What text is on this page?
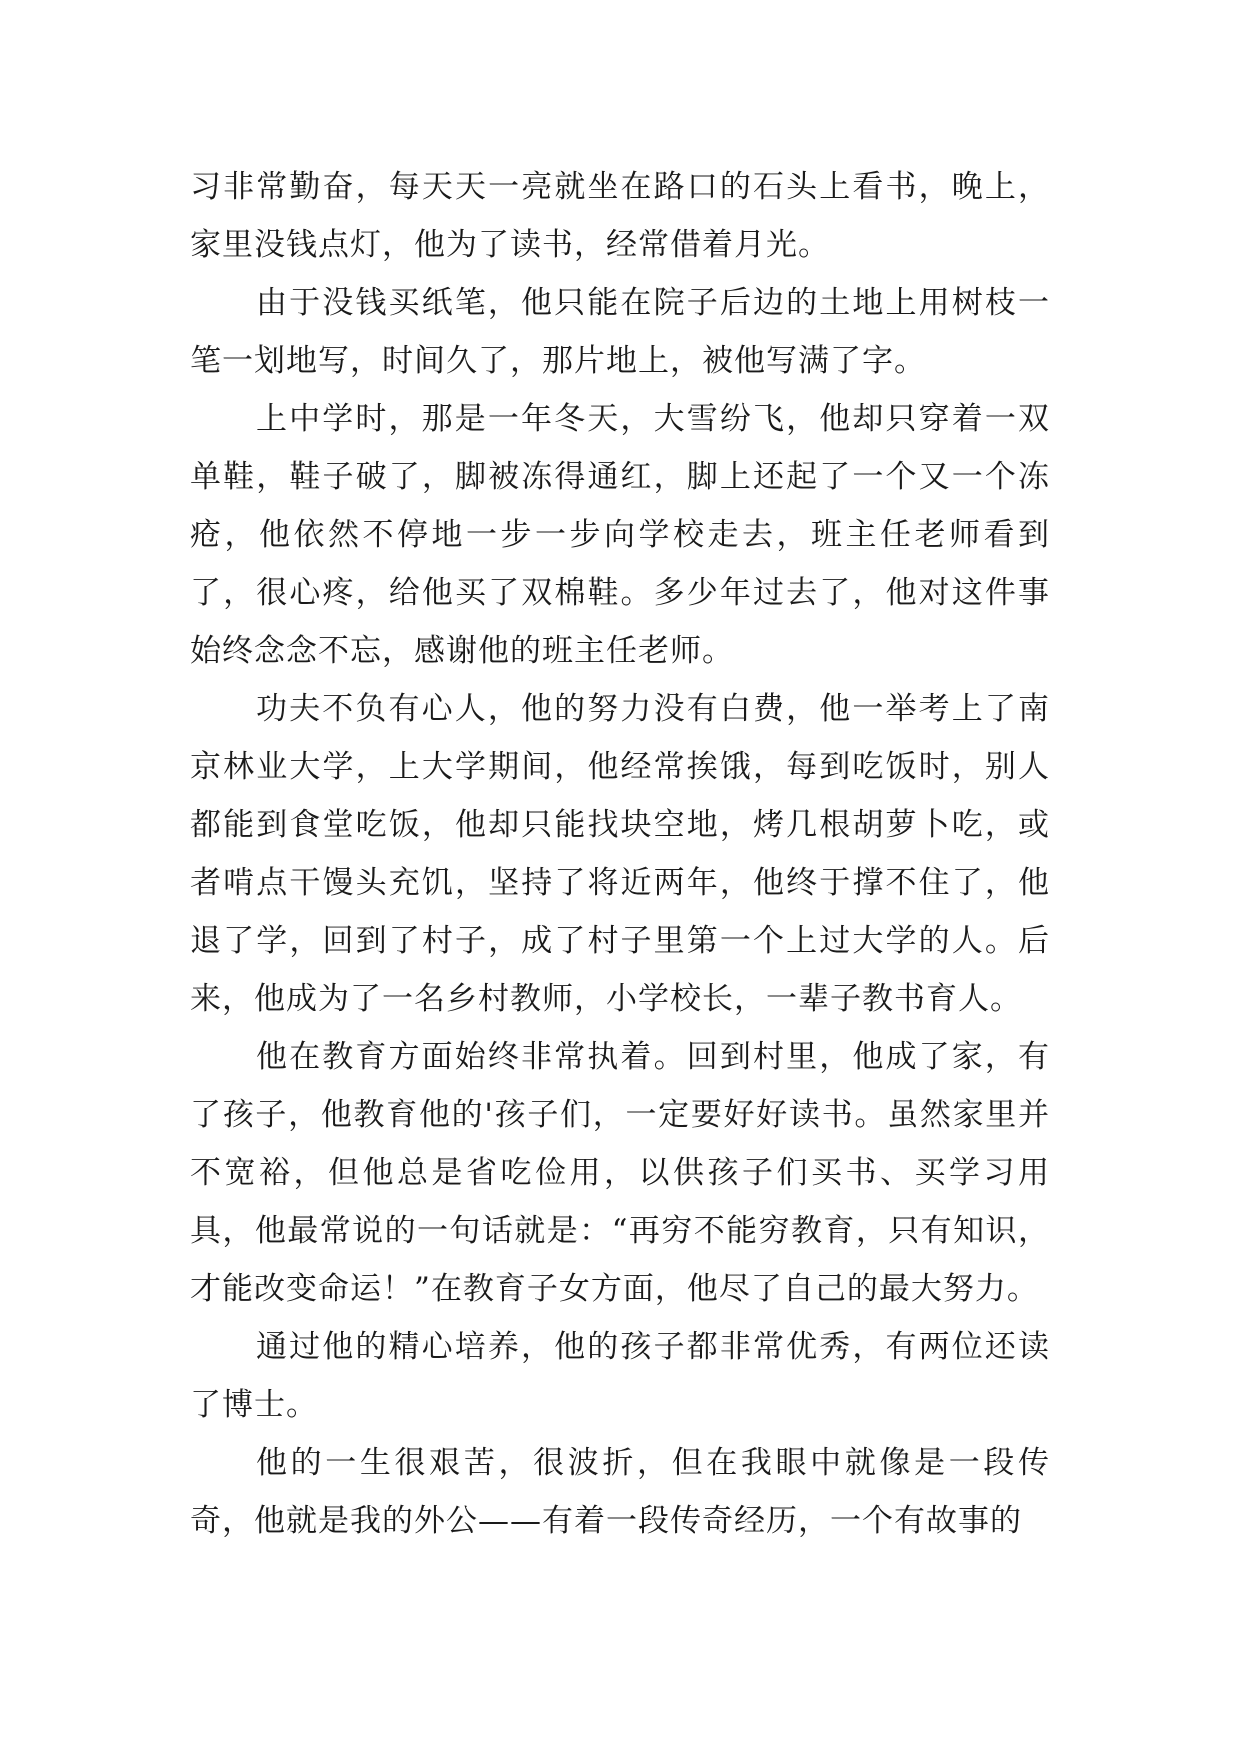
习非常勤奋，每天天一亮就坐在路口的石头上看书，晚上，家里没钱点灯，他为了读书，经常借着月光。

由于没钱买纸笔，他只能在院子后边的土地上用树枝一笔一划地写，时间久了，那片地上，被他写满了字。

上中学时，那是一年冬天，大雪纷飞，他却只穿着一双单鞋，鞋子破了，脚被冻得通红，脚上还起了一个又一个冻疮，他依然不停地一步一步向学校走去，班主任老师看到了，很心疼，给他买了双棉鞋。多少年过去了，他对这件事始终念念不忘，感谢他的班主任老师。

功夫不负有心人，他的努力没有白费，他一举考上了南京林业大学，上大学期间，他经常挨饿，每到吃饭时，别人都能到食堂吃饭，他却只能找块空地，烤几根胡萝卜吃，或者啃点干馒头充饥，坚持了将近两年，他终于撑不住了，他退了学，回到了村子，成了村子里第一个上过大学的人。后来，他成为了一名乡村教师，小学校长，一辈子教书育人。

他在教育方面始终非常执着。回到村里，他成了家，有了孩子，他教育他的'孩子们，一定要好好读书。虽然家里并不宽裕，但他总是省吃俭用，以供孩子们买书、买学习用具，他最常说的一句话就是：“再穷不能穷教育，只有知识，才能改变命运！”在教育子女方面，他尽了自己的最大努力。

通过他的精心培养，他的孩子都非常优秀，有两位还读了博士。

他的一生很艰苦，很波折，但在我眼中就像是一段传奇，他就是我的外公——有着一段传奇经历，一个有故事的
